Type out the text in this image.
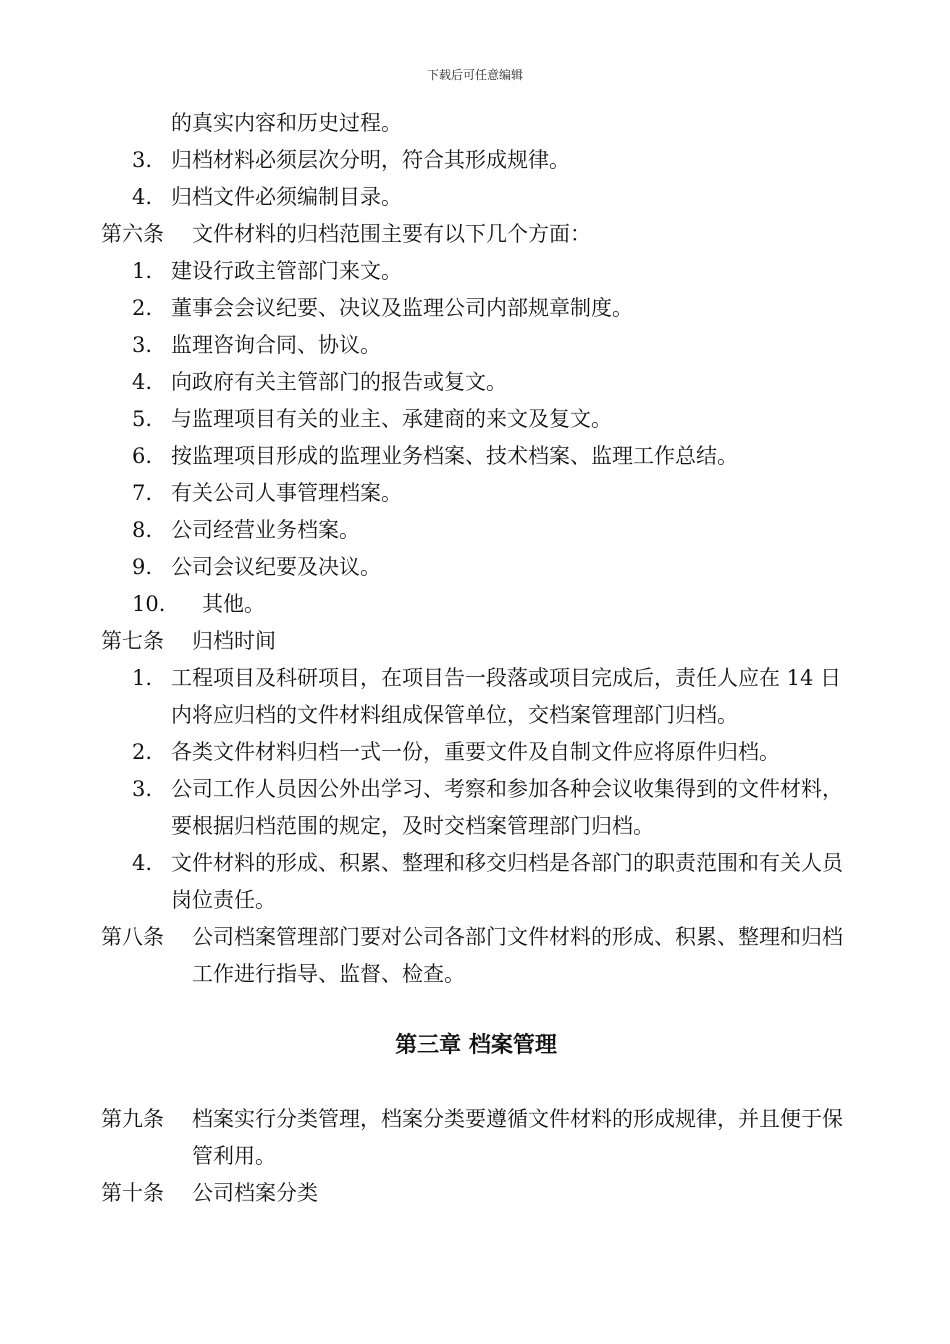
下载后可任意编辑
的真实内容和历史过程。
3. 归档材料必须层次分明，符合其形成规律。
4. 归档文件必须编制目录。
第六条	文件材料的归档范围主要有以下几个方面：
1. 建设行政主管部门来文。
2. 董事会会议纪要、决议及监理公司内部规章制度。
3. 监理咨询合同、协议。
4. 向政府有关主管部门的报告或复文。
5. 与监理项目有关的业主、承建商的来文及复文。
6. 按监理项目形成的监理业务档案、技术档案、监理工作总结。
7. 有关公司人事管理档案。
8. 公司经营业务档案。
9. 公司会议纪要及决议。
10.	其他。
第七条	归档时间
1. 工程项目及科研项目，在项目告一段落或项目完成后，责任人应在 14 日内将应归档的文件材料组成保管单位，交档案管理部门归档。
2. 各类文件材料归档一式一份，重要文件及自制文件应将原件归档。
3. 公司工作人员因公外出学习、考察和参加各种会议收集得到的文件材料，要根据归档范围的规定，及时交档案管理部门归档。
4. 文件材料的形成、积累、整理和移交归档是各部门的职责范围和有关人员岗位责任。
第八条	公司档案管理部门要对公司各部门文件材料的形成、积累、整理和归档工作进行指导、监督、检查。
第三章 档案管理
第九条	档案实行分类管理，档案分类要遵循文件材料的形成规律，并且便于保管利用。
第十条	公司档案分类
